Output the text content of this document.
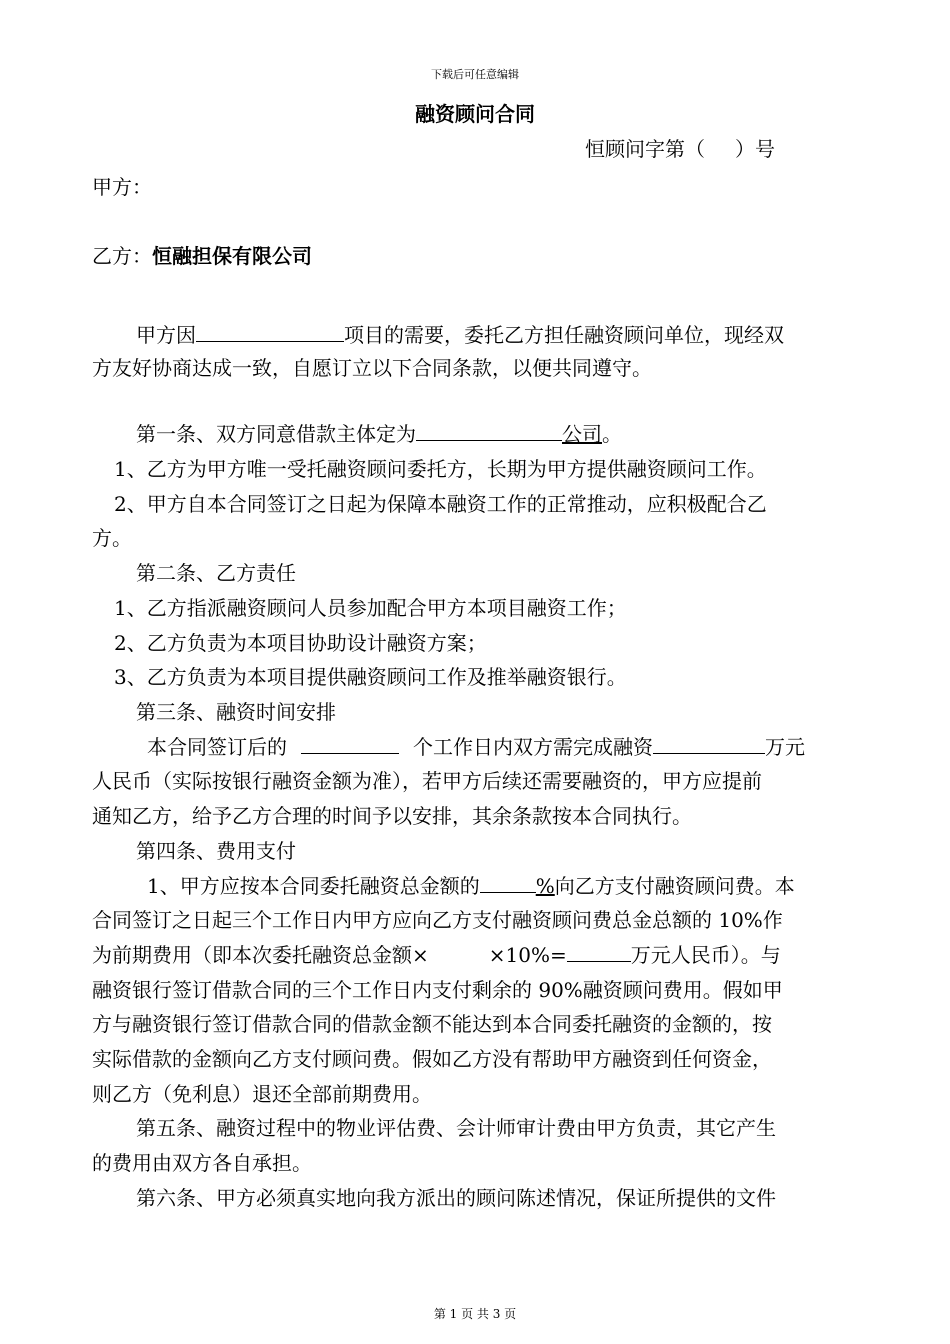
下载后可任意编辑
融资顾问合同
恒顾问字第（ ）号
甲方：
乙方：恒融担保有限公司
甲方因	项目的需要，委托乙方担任融资顾问单位，现经双
方友好协商达成一致，自愿订立以下合同条款，以便共同遵守。
第一条、双方同意借款主体定为	公司。
1、乙方为甲方唯一受托融资顾问委托方，长期为甲方提供融资顾问工作。
2、甲方自本合同签订之日起为保障本融资工作的正常推动，应积极配合乙
方。
第二条、乙方责任
1、乙方指派融资顾问人员参加配合甲方本项目融资工作；
2、乙方负责为本项目协助设计融资方案；
3、乙方负责为本项目提供融资顾问工作及推举融资银行。
第三条、融资时间安排
本合同签订后的	个工作日内双方需完成融资	万元
人民币（实际按银行融资金额为准），若甲方后续还需要融资的，甲方应提前
通知乙方，给予乙方合理的时间予以安排，其余条款按本合同执行。
第四条、费用支付
1、甲方应按本合同委托融资总金额的	%向乙方支付融资顾问费。本
合同签订之日起三个工作日内甲方应向乙方支付融资顾问费总金总额的 10%作
为前期费用（即本次委托融资总金额×	×10%=	万元人民币）。与
融资银行签订借款合同的三个工作日内支付剩余的 90%融资顾问费用。假如甲
方与融资银行签订借款合同的借款金额不能达到本合同委托融资的金额的，按
实际借款的金额向乙方支付顾问费。假如乙方没有帮助甲方融资到任何资金，
则乙方（免利息）退还全部前期费用。
第五条、融资过程中的物业评估费、会计师审计费由甲方负责，其它产生
的费用由双方各自承担。
第六条、甲方必须真实地向我方派出的顾问陈述情况，保证所提供的文件
第 1 页 共 3 页
